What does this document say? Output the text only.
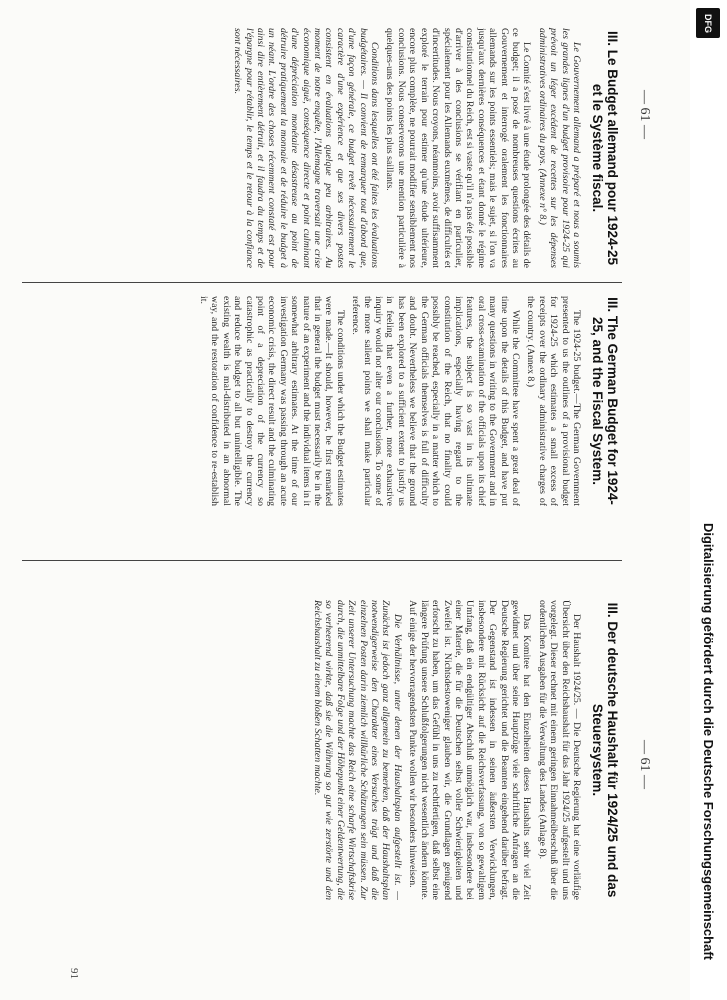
— 61 —
— 61 —
III. Le Budget allemand pour 1924-25 et le Système fiscal.

Le Gouvernement allemand a préparé et nous a soumis les grandes lignes d'un budget provisoire pour 1924-25 qui prévoit un léger excédent de recettes sur les dépenses administratives ordinaires du pays. (Annexe n° 8.)

Le Comité s'est livré à une étude prolongée des détails de ce budget; il a posé de nombreuses questions écrites au Gouvernement et interrogé oralement les fonctionnaires allemands sur les points essentiels; mais le sujet, si l'on va jusqu'aux dernières conséquences et étant donné le régime constitutionnel du Reich, est si vaste qu'il n'a pas été possible d'arriver à des conclusions se vérifiant en particulier, spécialement pour les Allemands euxmêmes, de difficultés et d'incertitudes. Nous croyons, néanmoins, avoir suffisamment exploré le terrain pour estimer qu'une étude ultérieure, encore plus complète, ne pourrait modifier sensiblement nos conclusions. Nous conserverons une mention particulière à quelques-uns des points les plus saillants.

Conditions dans lesquelles ont été faites les évaluations budgétaires. — Il convient de remarquer tout d'abord que, d'une façon générale, ce budget revêt nécessairement le caractère d'une expérience et que ses divers postes consistent en évaluations quelque peu arbitraires. Au moment de notre enquête, l'Allemagne traversait une crise économique aiguë, conséquence directe et point culminant d'une dépréciation monétaire désastreuse au point de détruire pratiquement la monnaie et de réduire le budget à un néant. L'ordre des choses récemment constaté est pour ainsi dire entièrement détruit, et il faudra du temps et de l'épargne pour rétablir, le temps et le retour à la confiance sont nécessaires.

III. The German Budget for 1924-25, and the Fiscal System.

The 1924-25 budget.—The German Government presented to us the outlines of a provisional budget for 1924-25 which estimates a small excess of receipts over the ordinary administrative charges of the country. (Annex 8.)

While the Committee have spent a great deal of time upon the details of this Budget, and have put many questions in writing to the Government and in oral cross-examination of the officials upon its chief features, the subject is so vast in its ultimate implications, especially having regard to the constitution of the Reich, that no finality could possibly be reached, especially in a matter which to the German officials themselves is full of difficulty and doubt. Nevertheless we believe that the ground has been explored to a sufficient extent to justify us in feeling that even a further, more exhaustive inquiry would not alter our conclusions. To some of the more salient points we shall make particular reference.

The conditions under which the Budget estimates were made.—It should, however, be first remarked that in general the budget must necessarily be in the nature of an experiment and the individual items in it somewhat arbitrary estimates. At the time of our investigation Germany was passing through an acute economic crisis, the direct result and the culminating point of a depreciation of the currency so catastrophic as practically to destroy the currency and reduce the budget to all but unintelligible. The existing wealth is mal-distributed in an abnormal way, and the restoration of confidence to re-establish it.

III. Der deutsche Haushalt für 1924/25 und das Steuersystem.

Der Haushalt 1924/25. — Die Deutsche Regierung hat eine vorläufige Übersicht über den Reichshaushalt für das Jahr 1924/25 aufgestellt und uns vorgelegt. Dieser rechnet mit einem geringen Einnahmeüberschuß über die ordentlichen Ausgaben für die Verwaltung des Landes (Anlage 8).

Das Komitee hat den Einzelheiten dieses Haushalts sehr viel Zeit gewidmet und über seine Hauptzüge viele schriftliche Anfragen an die Deutsche Regierung gerichtet und die Beamten eingehend darüber befragt. Der Gegenstand ist indessen in seinen äußersten Verwicklungen, insbesondere mit Rücksicht auf die Reichsverfassung, von so gewaltigem Umfang, daß ein endgültiger Abschluß unmöglich war, insbesondere bei einer Materie, die für die Deutschen selbst voller Schwierigkeiten und Zweifel ist. Nichtsdestoweniger glauben wir, die Grundlagen genügend erforscht zu haben, um das Gefühl in uns zu rechtfertigen, daß selbst eine längere Prüfung unsere Schlußfolgerungen nicht wesentlich ändern könnte. Auf einige der hervorragendsten Punkte wollen wir besonders hinweisen.

Die Verhältnisse, unter denen der Haushaltsplan aufgestellt ist. — Zunächst ist jedoch ganz allgemein zu bemerken, daß der Haushaltsplan notwendigerweise den Charakter eines Versuches trägt und daß die einzelnen Posten darin ziemlich willkürliche Schätzungen sein müssen. Zur Zeit unserer Untersuchung machte das Reich eine scharfe Wirtschaftskrise durch, die unmittelbare Folge und der Höhepunkt einer Geldentwertung, die so verheerend wirkte, daß sie die Währung so gut wie zerstörte und den Reichshaushalt zu einem bloßen Schatten machte.

91
DFG
Digitalisierung gefördert durch die Deutsche Forschungsgemeinschaft
